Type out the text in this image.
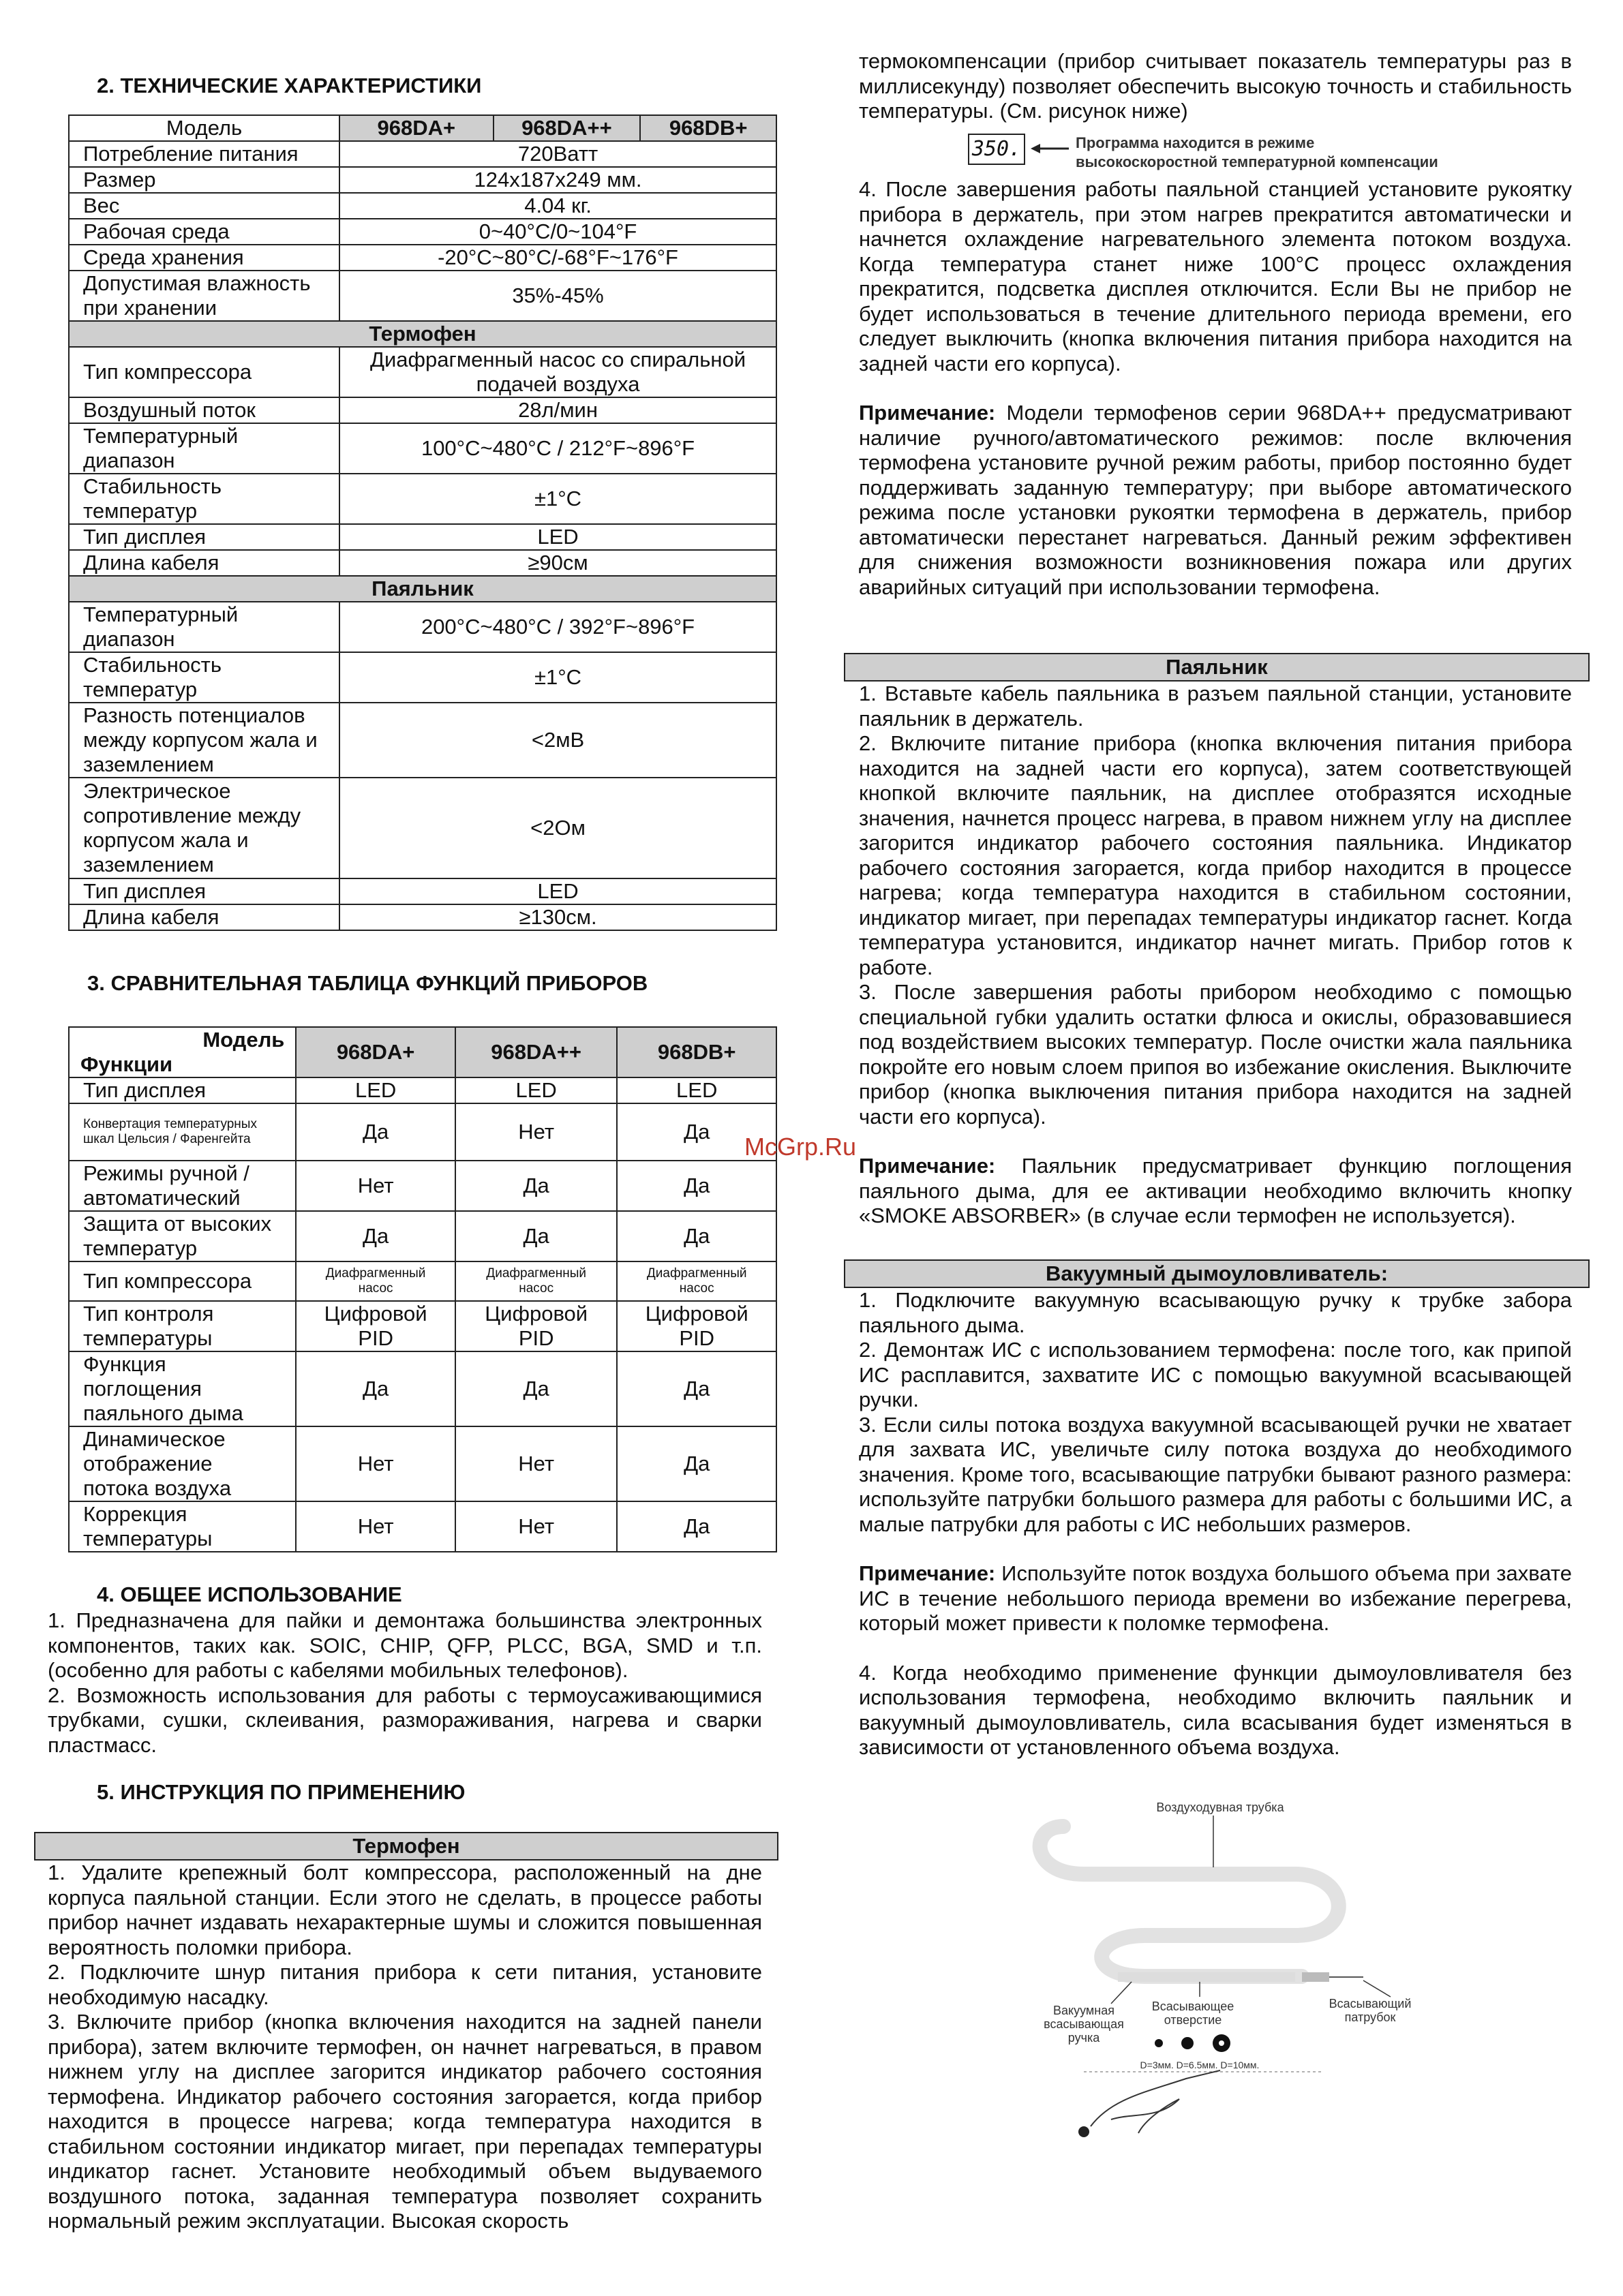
2. ТЕХНИЧЕСКИЕ ХАРАКТЕРИСТИКИ
Модель	968DA+	968DA++	968DB+
Потребление питания	720Ватт		
Размер	124x187x249 мм.		
Вес	4.04 кг.		
Рабочая среда	0~40°C/0~104°F		
Среда хранения	-20°C~80°C/-68°F~176°F		
Допустимая влажность при хранении	35%-45%		
Термофен			
Тип компрессора	Диафрагменный насос со спиральной подачей воздуха		
Воздушный поток	28л/мин		
Температурный диапазон	100°C~480°C / 212°F~896°F		
Стабильность температур	±1°C		
Тип дисплея	LED		
Длина кабеля	≥90см		
Паяльник			
Температурный диапазон	200°C~480°C / 392°F~896°F		
Стабильность температур	±1°C		
Разность потенциалов между корпусом жала и заземлением	<2мВ		
Электрическое сопротивление между корпусом жала и заземлением	<2Ом		
Тип дисплея	LED		
Длина кабеля	≥130см.		
3. СРАВНИТЕЛЬНАЯ ТАБЛИЦА ФУНКЦИЙ ПРИБОРОВ
Модель
Функции	968DA+	968DA++	968DB+
Тип дисплея	LED	LED	LED
Конвертация температурных шкал Цельсия / Фаренгейта	Да	Нет	Да
Режимы ручной / автоматический	Нет	Да	Да
Защита от высоких температур	Да	Да	Да
Тип компрессора	Диафрагменный насос	Диафрагменный насос	Диафрагменный насос
Тип контроля температуры	Цифровой PID	Цифровой PID	Цифровой PID
Функция поглощения паяльного дыма	Да	Да	Да
Динамическое отображение потока воздуха	Нет	Нет	Да
Коррекция температуры	Нет	Нет	Да
4. ОБЩЕЕ ИСПОЛЬЗОВАНИЕ

1. Предназначена для пайки и демонтажа большинства электронных компонентов, таких как. SOIC, CHIP, QFP, PLCC, BGA, SMD и т.п. (особенно для работы с кабелями мобильных телефонов).

2. Возможность использования для работы с термоусаживающимися трубками, сушки, склеивания, размораживания, нагрева и сварки пластмасс.

5. ИНСТРУКЦИЯ ПО ПРИМЕНЕНИЮ
Термофен

1. Удалите крепежный болт компрессора, расположенный на дне корпуса паяльной станции. Если этого не сделать, в процессе работы прибор начнет издавать нехарактерные шумы и сложится повышенная вероятность поломки прибора.

2. Подключите шнур питания прибора к сети питания, установите необходимую насадку.

3. Включите прибор (кнопка включения находится на задней панели прибора), затем включите термофен, он начнет нагреваться, в правом нижнем углу на дисплее загорится индикатор рабочего состояния термофена. Индикатор рабочего состояния загорается, когда прибор находится в процессе нагрева; когда температура находится в стабильном состоянии индикатор мигает, при перепадах температуры индикатор гаснет. Установите необходимый объем выдуваемого воздушного потока, заданная температура позволяет сохранить нормальный режим эксплуатации. Высокая скорость

термокомпенсации (прибор считывает показатель температуры раз в миллисекунду) позволяет обеспечить высокую точность и стабильность температуры. (См. рисунок ниже)

350.	Программа находится в режиме
высокоскоростной температурной компенсации

4. После завершения работы паяльной станцией установите рукоятку прибора в держатель, при этом нагрев прекратится автоматически и начнется охлаждение нагревательного элемента потоком воздуха. Когда температура станет ниже 100°C процесс охлаждения прекратится, подсветка дисплея отключится. Если Вы не прибор не будет использоваться в течение длительного периода времени, его следует выключить (кнопка включения питания прибора находится на задней части его корпуса).

Примечание: Модели термофенов серии 968DA++ предусматривают наличие ручного/автоматического режимов: после включения термофена установите ручной режим работы, прибор постоянно будет поддерживать заданную температуру; при выборе автоматического режима после установки рукоятки термофена в держатель, прибор автоматически перестанет нагреваться. Данный режим эффективен для снижения возможности возникновения пожара или других аварийных ситуаций при использовании термофена.

Паяльник

1. Вставьте кабель паяльника в разъем паяльной станции, установите паяльник в держатель.

2. Включите питание прибора (кнопка включения питания прибора находится на задней части его корпуса), затем соответствующей кнопкой включите паяльник, на дисплее отобразятся исходные значения, начнется процесс нагрева, в правом нижнем углу на дисплее загорится индикатор рабочего состояния паяльника. Индикатор рабочего состояния загорается, когда прибор находится в процессе нагрева; когда температура находится в стабильном состоянии, индикатор мигает, при перепадах температуры индикатор гаснет. Когда температура установится, индикатор начнет мигать. Прибор готов к работе.

3. После завершения работы прибором необходимо с помощью специальной губки удалить остатки флюса и окислы, образовавшиеся под воздействием высоких температур. После очистки жала паяльника покройте его новым слоем припоя во избежание окисления. Выключите прибор (кнопка выключения питания прибора находится на задней части его корпуса).

Примечание: Паяльник предусматривает функцию поглощения паяльного дыма, для ее активации необходимо включить кнопку «SMOKE ABSORBER» (в случае если термофен не используется).

Вакуумный дымоуловливатель:

1. Подключите вакуумную всасывающую ручку к трубке забора паяльного дыма.

2. Демонтаж ИС с использованием термофена: после того, как припой ИС расплавится, захватите ИС с помощью вакуумной всасывающей ручки.

3. Если силы потока воздуха вакуумной всасывающей ручки не хватает для захвата ИС, увеличьте силу потока воздуха до необходимого значения. Кроме того, всасывающие патрубки бывают разного размера: используйте патрубки большого размера для работы с большими ИС, а малые патрубки для работы с ИС небольших размеров.

Примечание: Используйте поток воздуха большого объема при захвате ИС в течение небольшого периода времени во избежание перегрева, который может привести к поломке термофена.

4. Когда необходимо применение функции дымоуловливателя без использования термофена, необходимо включить паяльник и вакуумный дымоуловливатель, сила всасывания будет изменяться в зависимости от установленного объема воздуха.

Воздуходувная трубка
Вакуумная всасывающая ручка
Всасывающее отверстие
Всасывающий патрубок
D=3мм. D=6.5мм. D=10мм.
McGrp.Ru
